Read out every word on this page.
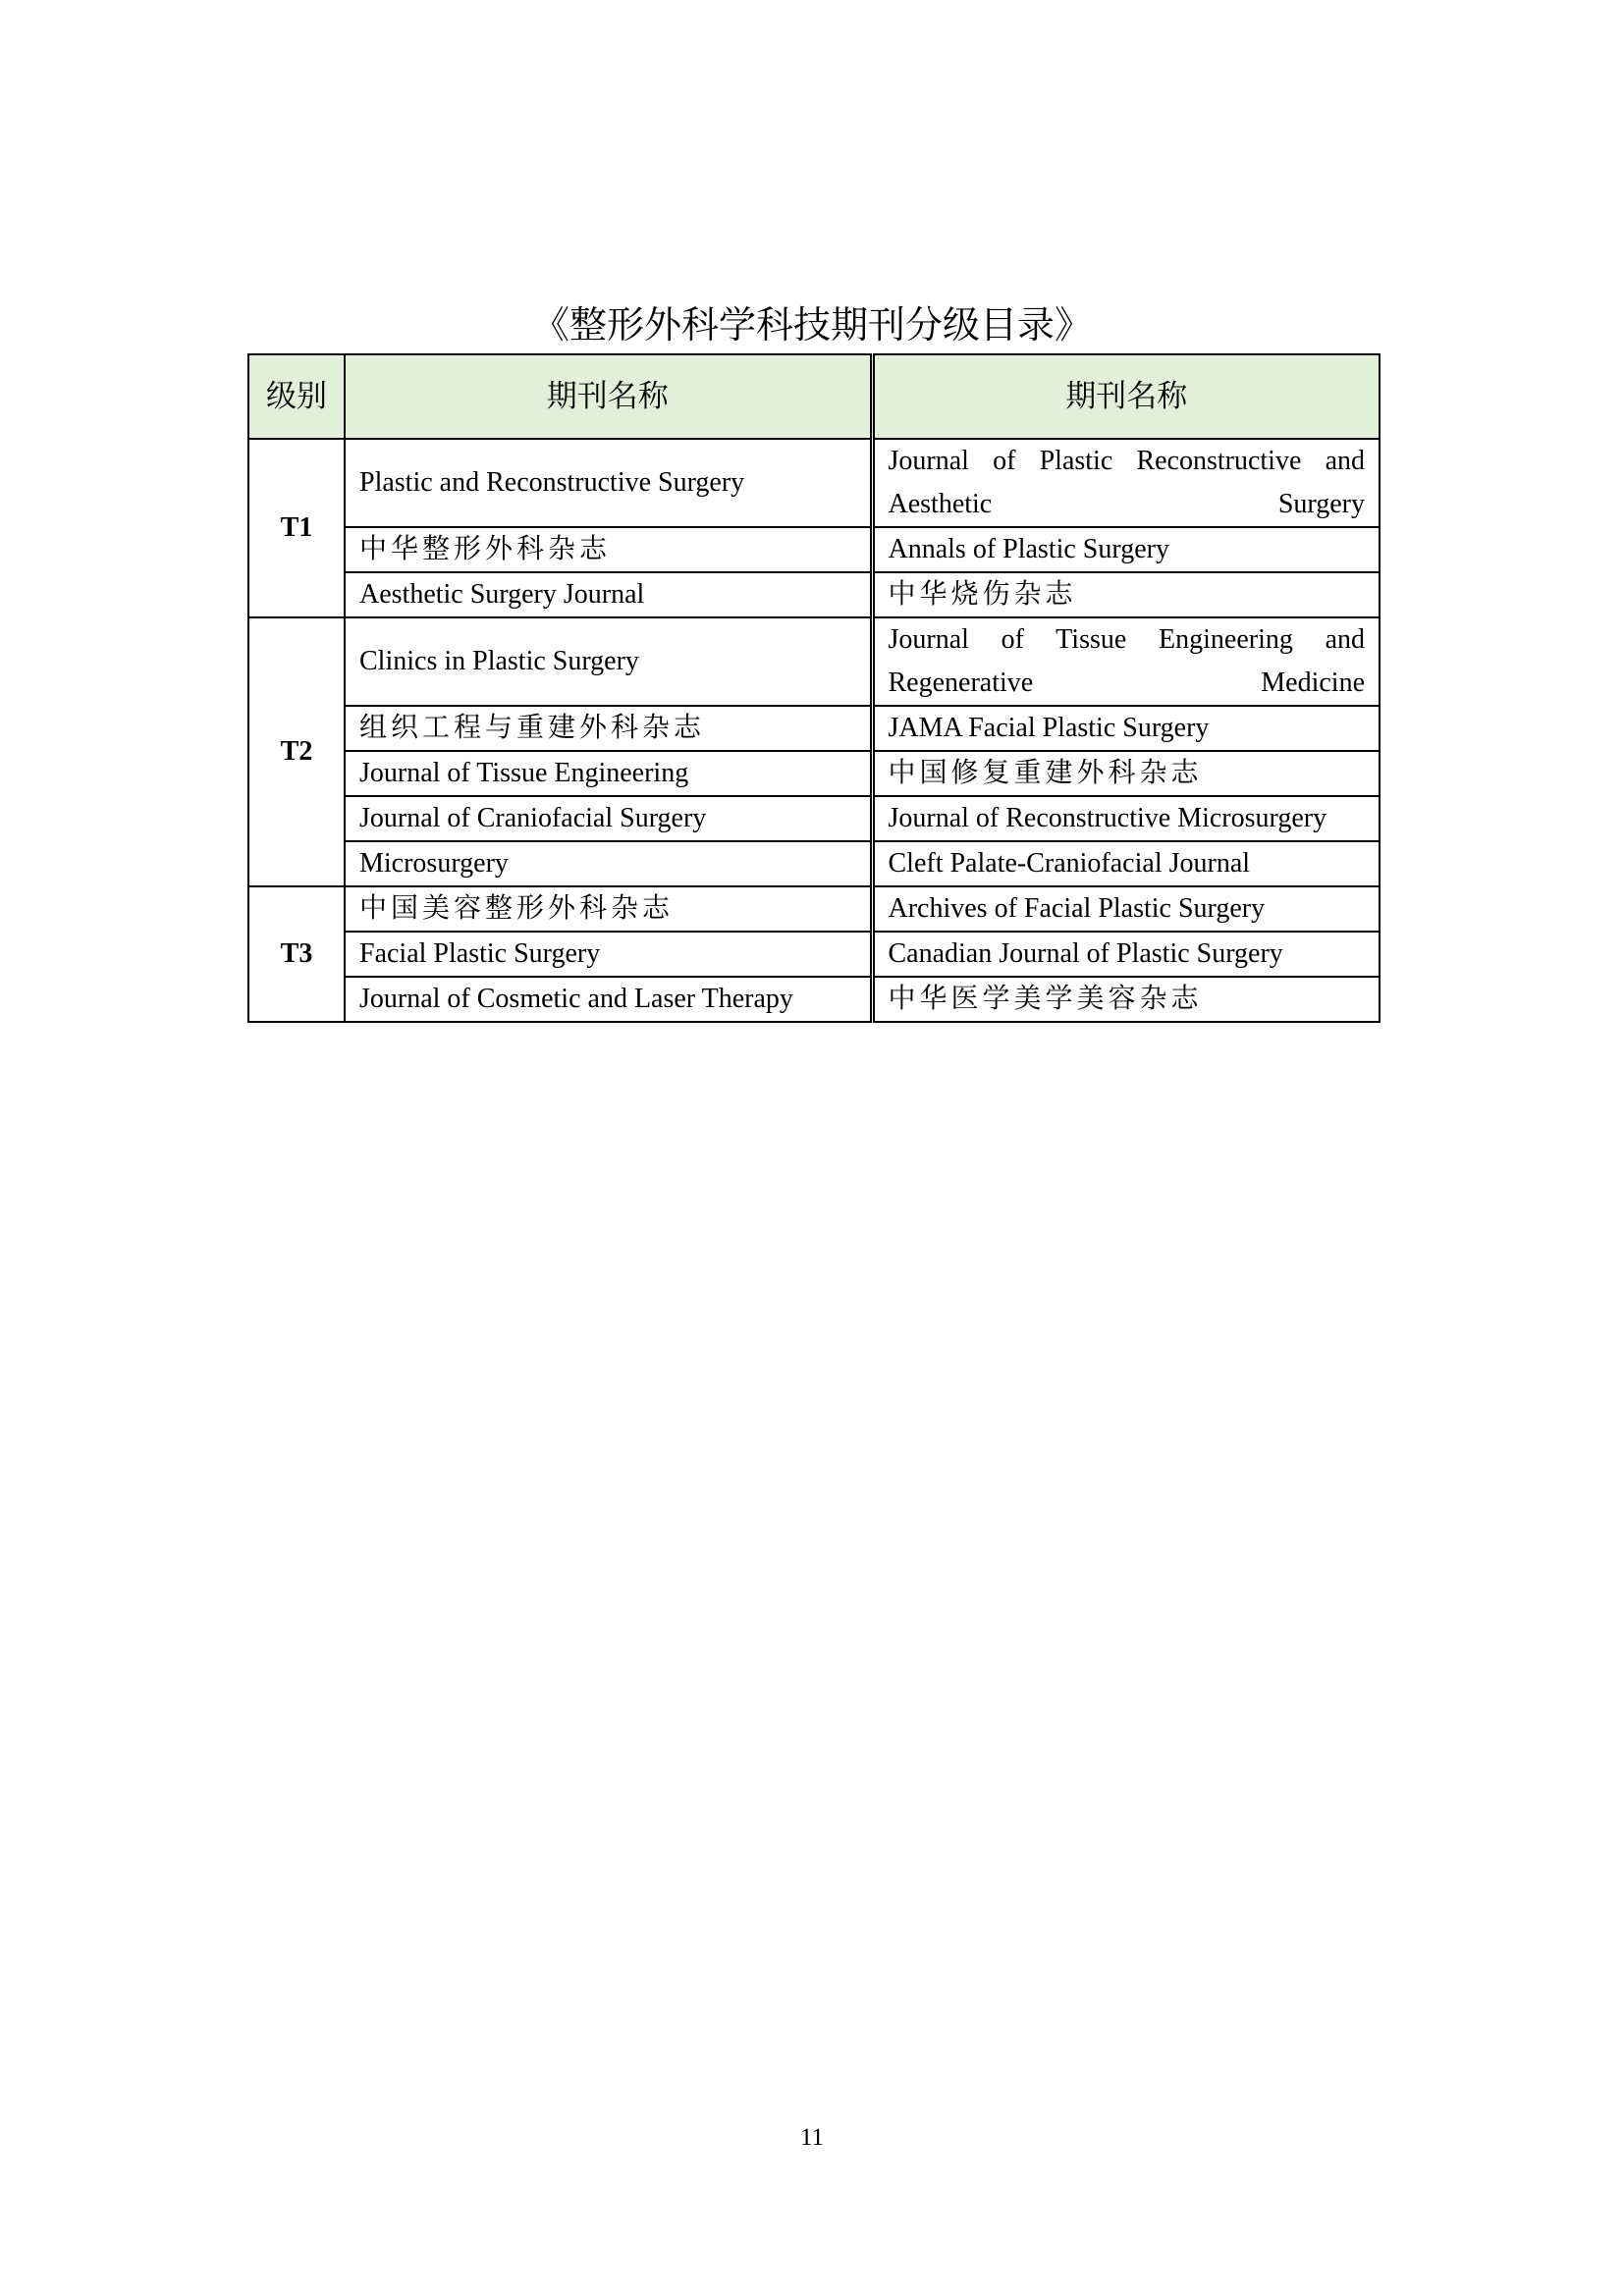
《整形外科学科技期刊分级目录》
级别	期刊名称	期刊名称
T1	Plastic and Reconstructive Surgery	Journal of Plastic Reconstructive and Aesthetic Surgery

	中华整形外科杂志	Annals of Plastic Surgery
	Aesthetic Surgery Journal	中华烧伤杂志
T2	Clinics in Plastic Surgery	Journal of Tissue Engineering and Regenerative Medicine

	组织工程与重建外科杂志	JAMA Facial Plastic Surgery
	Journal of Tissue Engineering	中国修复重建外科杂志
	Journal of Craniofacial Surgery	Journal of Reconstructive Microsurgery
	Microsurgery	Cleft Palate-Craniofacial Journal
T3	中国美容整形外科杂志	Archives of Facial Plastic Surgery
	Facial Plastic Surgery	Canadian Journal of Plastic Surgery
	Journal of Cosmetic and Laser Therapy	中华医学美学美容杂志
11
